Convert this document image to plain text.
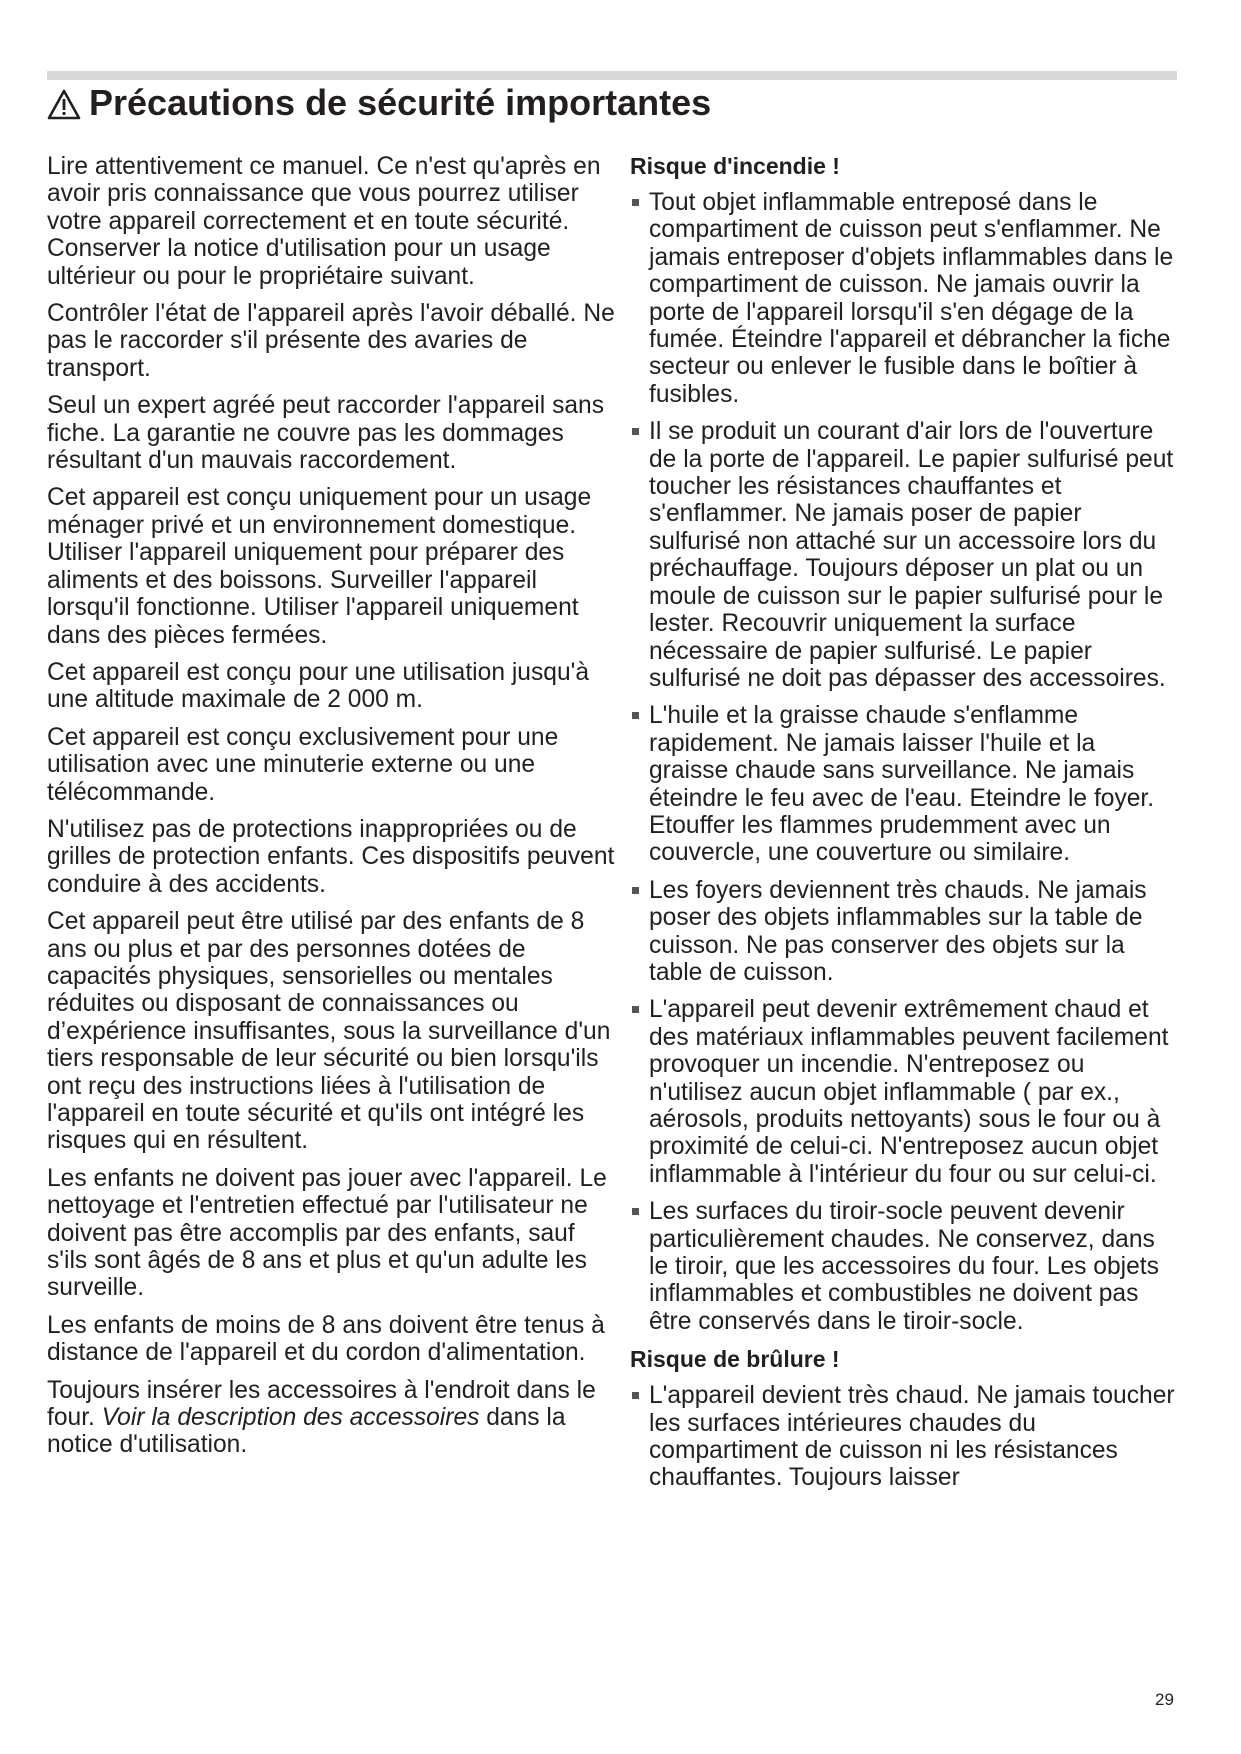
Précautions de sécurité importantes

Lire attentivement ce manuel. Ce n'est qu'après en avoir pris connaissance que vous pourrez utiliser votre appareil correctement et en toute sécurité. Conserver la notice d'utilisation pour un usage ultérieur ou pour le propriétaire suivant.

Contrôler l'état de l'appareil après l'avoir déballé. Ne pas le raccorder s'il présente des avaries de transport.

Seul un expert agréé peut raccorder l'appareil sans fiche. La garantie ne couvre pas les dommages résultant d'un mauvais raccordement.

Cet appareil est conçu uniquement pour un usage ménager privé et un environnement domestique. Utiliser l'appareil uniquement pour préparer des aliments et des boissons. Surveiller l'appareil lorsqu'il fonctionne. Utiliser l'appareil uniquement dans des pièces fermées.

Cet appareil est conçu pour une utilisation jusqu'à une altitude maximale de 2 000 m.

Cet appareil est conçu exclusivement pour une utilisation avec une minuterie externe ou une télécommande.

N'utilisez pas de protections inappropriées ou de grilles de protection enfants. Ces dispositifs peuvent conduire à des accidents.

Cet appareil peut être utilisé par des enfants de 8 ans ou plus et par des personnes dotées de capacités physiques, sensorielles ou mentales réduites ou disposant de connaissances ou d’expérience insuffisantes, sous la surveillance d'un tiers responsable de leur sécurité ou bien lorsqu'ils ont reçu des instructions liées à l'utilisation de l'appareil en toute sécurité et qu'ils ont intégré les risques qui en résultent.

Les enfants ne doivent pas jouer avec l'appareil. Le nettoyage et l'entretien effectué par l'utilisateur ne doivent pas être accomplis par des enfants, sauf s'ils sont âgés de 8 ans et plus et qu'un adulte les surveille.

Les enfants de moins de 8 ans doivent être tenus à distance de l'appareil et du cordon d'alimentation.

Toujours insérer les accessoires à l'endroit dans le four. Voir la description des accessoires dans la notice d'utilisation.

Risque d'incendie !
Tout objet inflammable entreposé dans le compartiment de cuisson peut s'enflammer. Ne jamais entreposer d'objets inflammables dans le compartiment de cuisson. Ne jamais ouvrir la porte de l'appareil lorsqu'il s'en dégage de la fumée. Éteindre l'appareil et débrancher la fiche secteur ou enlever le fusible dans le boîtier à fusibles.
Il se produit un courant d'air lors de l'ouverture de la porte de l'appareil. Le papier sulfurisé peut toucher les résistances chauffantes et s'enflammer. Ne jamais poser de papier sulfurisé non attaché sur un accessoire lors du préchauffage. Toujours déposer un plat ou un moule de cuisson sur le papier sulfurisé pour le lester. Recouvrir uniquement la surface nécessaire de papier sulfurisé. Le papier sulfurisé ne doit pas dépasser des accessoires.
L'huile et la graisse chaude s'enflamme rapidement. Ne jamais laisser l'huile et la graisse chaude sans surveillance. Ne jamais éteindre le feu avec de l'eau. Eteindre le foyer. Etouffer les flammes prudemment avec un couvercle, une couverture ou similaire.
Les foyers deviennent très chauds. Ne jamais poser des objets inflammables sur la table de cuisson. Ne pas conserver des objets sur la table de cuisson.
L'appareil peut devenir extrêmement chaud et des matériaux inflammables peuvent facilement provoquer un incendie. N'entreposez ou n'utilisez aucun objet inflammable ( par ex., aérosols, produits nettoyants) sous le four ou à proximité de celui-ci. N'entreposez aucun objet inflammable à l'intérieur du four ou sur celui-ci.
Les surfaces du tiroir-socle peuvent devenir particulièrement chaudes. Ne conservez, dans le tiroir, que les accessoires du four. Les objets inflammables et combustibles ne doivent pas être conservés dans le tiroir-socle.
Risque de brûlure !
L'appareil devient très chaud. Ne jamais toucher les surfaces intérieures chaudes du compartiment de cuisson ni les résistances chauffantes. Toujours laisser
29
